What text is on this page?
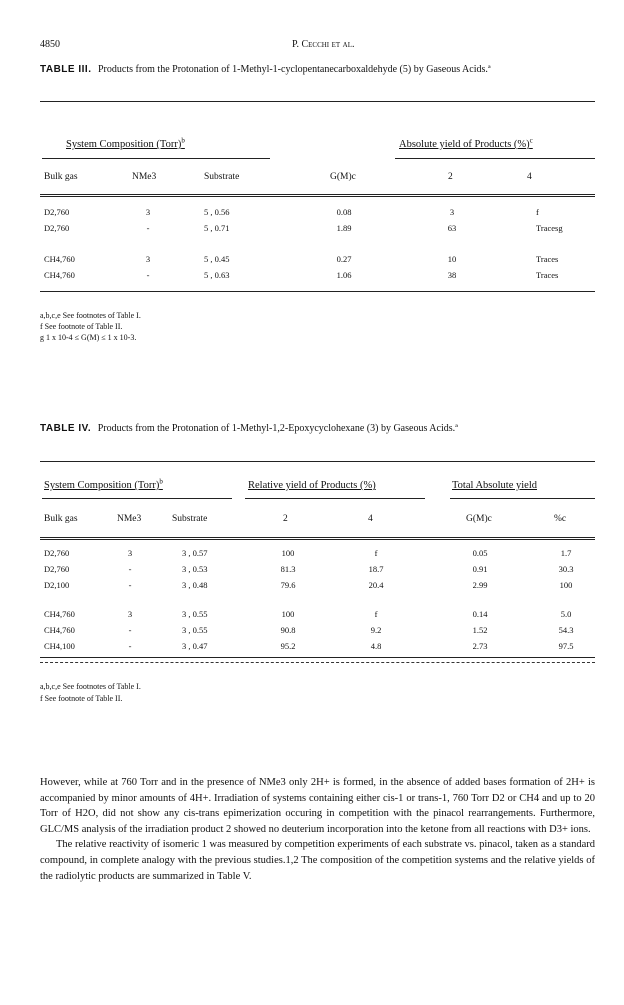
4850	P. Cecchi et al.
TABLE III. Products from the Protonation of 1-Methyl-1-cyclopentanecarboxaldehyde (5) by Gaseous Acids.ª
System Composition (Torr)$^b$	Absolute yield of Products (%)$^c$
Bulk gas	NMe3	Substrate	G(M)c	2	4
D2,760	3	5 , 0.56	0.08	3	f
D2,760	-	5 , 0.71	1.89	63	Tracesg
CH4,760	3	5 , 0.45	0.27	10	Traces
CH4,760	-	5 , 0.63	1.06	38	Traces
a,b,c,e See footnotes of Table I.
f See footnote of Table II.
g 1 x 10-4 ≤ G(M) ≤ 1 x 10-3.
TABLE IV. Products from the Protonation of 1-Methyl-1,2-Epoxycyclohexane (3) by Gaseous Acids.ª
System Composition (Torr)$^b$	Relative yield of Products (%)	Total Absolute yield
Bulk gas	NMe3	Substrate	2	4	G(M)c	%c
D2,760	3	3 , 0.57	100	f	0.05	1.7
D2,760	-	3 , 0.53	81.3	18.7	0.91	30.3
D2,100	-	3 , 0.48	79.6	20.4	2.99	100
CH4,760	3	3 , 0.55	100	f	0.14	5.0
CH4,760	-	3 , 0.55	90.8	9.2	1.52	54.3
CH4,100	-	3 , 0.47	95.2	4.8	2.73	97.5
a,b,c,e See footnotes of Table I.
f See footnote of Table II.

However, while at 760 Torr and in the presence of NMe3 only 2H+ is formed, in the absence of added bases formation of 2H+ is accompanied by minor amounts of 4H+. Irradiation of systems containing either cis-1 or trans-1, 760 Torr D2 or CH4 and up to 20 Torr of H2O, did not show any cis-trans epimerization occuring in competition with the pinacol rearrangements. Furthermore, GLC/MS analysis of the irradiation product 2 showed no deuterium incorporation into the ketone from all reactions with D3+ ions.

The relative reactivity of isomeric 1 was measured by competition experiments of each substrate vs. pinacol, taken as a standard compound, in complete analogy with the previous studies.1,2 The composition of the competition systems and the relative yields of the radiolytic products are summarized in Table V.
